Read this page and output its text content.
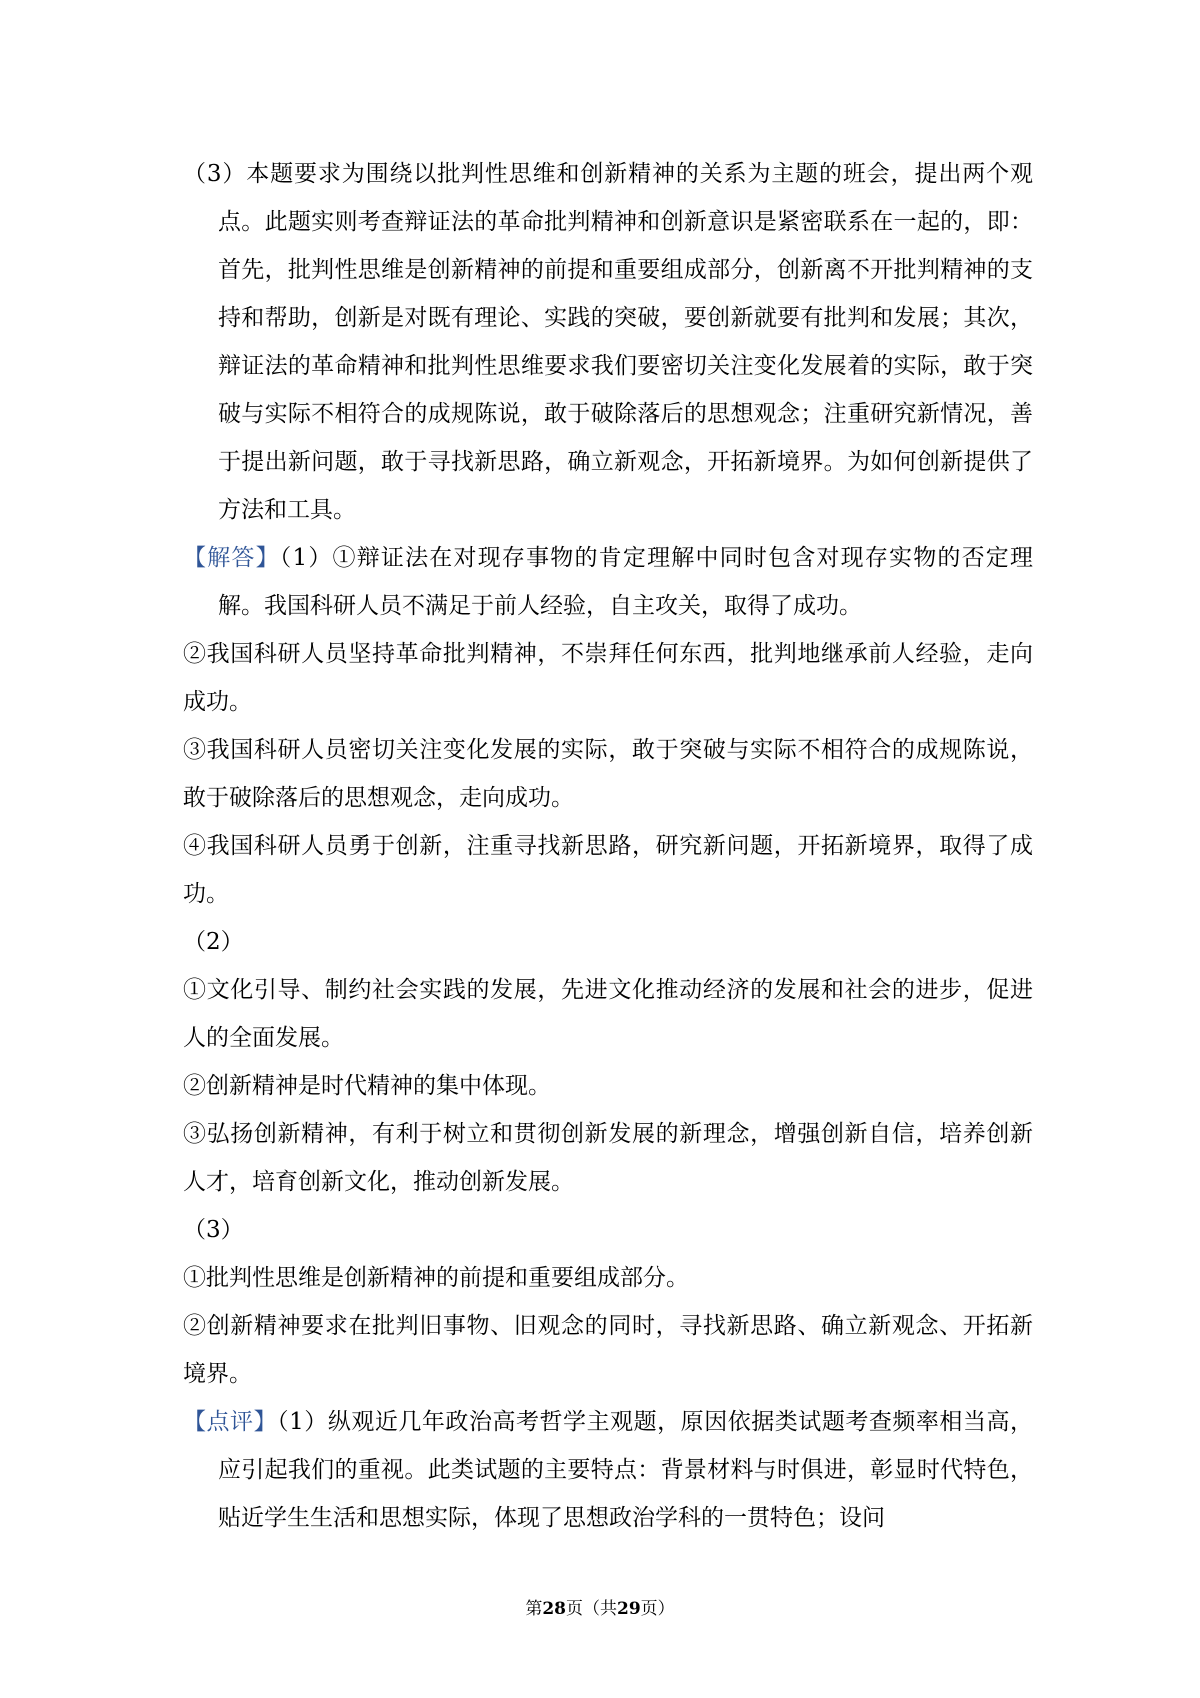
（3）本题要求为围绕以批判性思维和创新精神的关系为主题的班会，提出两个观点。此题实则考查辩证法的革命批判精神和创新意识是紧密联系在一起的，即：首先，批判性思维是创新精神的前提和重要组成部分，创新离不开批判精神的支持和帮助，创新是对既有理论、实践的突破，要创新就要有批判和发展；其次，辩证法的革命精神和批判性思维要求我们要密切关注变化发展着的实际，敢于突破与实际不相符合的成规陈说，敢于破除落后的思想观念；注重研究新情况，善于提出新问题，敢于寻找新思路，确立新观念，开拓新境界。为如何创新提供了方法和工具。

【解答】（1）①辩证法在对现存事物的肯定理解中同时包含对现存实物的否定理解。我国科研人员不满足于前人经验，自主攻关，取得了成功。

②我国科研人员坚持革命批判精神，不崇拜任何东西，批判地继承前人经验，走向成功。

③我国科研人员密切关注变化发展的实际，敢于突破与实际不相符合的成规陈说，敢于破除落后的思想观念，走向成功。

④我国科研人员勇于创新，注重寻找新思路，研究新问题，开拓新境界，取得了成功。

（2）

①文化引导、制约社会实践的发展，先进文化推动经济的发展和社会的进步，促进人的全面发展。

②创新精神是时代精神的集中体现。

③弘扬创新精神，有利于树立和贯彻创新发展的新理念，增强创新自信，培养创新人才，培育创新文化，推动创新发展。

（3）

①批判性思维是创新精神的前提和重要组成部分。

②创新精神要求在批判旧事物、旧观念的同时，寻找新思路、确立新观念、开拓新境界。

【点评】（1）纵观近几年政治高考哲学主观题，原因依据类试题考查频率相当高，应引起我们的重视。此类试题的主要特点：背景材料与时俱进，彰显时代特色，贴近学生生活和思想实际，体现了思想政治学科的一贯特色；设问

第28页（共29页）
